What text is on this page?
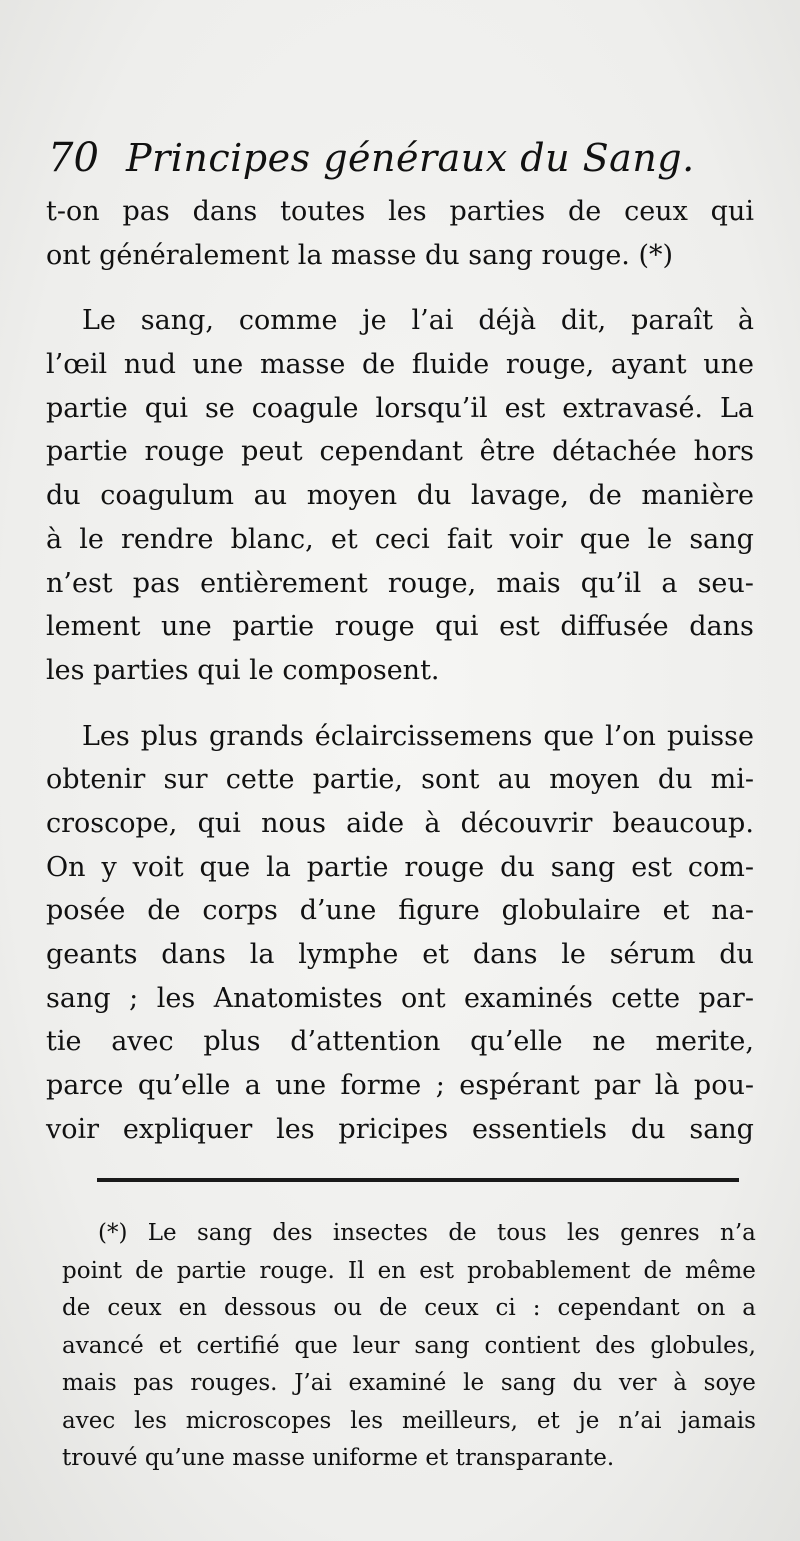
70 Principes généraux du Sang.
t-on pas dans toutes les parties de ceux qui
ont généralement la masse du sang rouge. (*)
Le sang, comme je l’ai déjà dit, paraît à
l’œil nud une masse de fluide rouge, ayant une
partie qui se coagule lorsqu’il est extravasé. La
partie rouge peut cependant être détachée hors
du coagulum au moyen du lavage, de manière
à le rendre blanc, et ceci fait voir que le sang
n’est pas entièrement rouge, mais qu’il a seu-
lement une partie rouge qui est diffusée dans
les parties qui le composent.
Les plus grands éclaircissemens que l’on puisse
obtenir sur cette partie, sont au moyen du mi-
croscope, qui nous aide à découvrir beaucoup.
On y voit que la partie rouge du sang est com-
posée de corps d’une figure globulaire et na-
geants dans la lymphe et dans le sérum du
sang ; les Anatomistes ont examinés cette par-
tie avec plus d’attention qu’elle ne merite,
parce qu’elle a une forme ; espérant par là pou-
voir expliquer les pricipes essentiels du sang
(*) Le sang des insectes de tous les genres n’a
point de partie rouge. Il en est probablement de même
de ceux en dessous ou de ceux ci : cependant on a
avancé et certifié que leur sang contient des globules,
mais pas rouges. J’ai examiné le sang du ver à soye
avec les microscopes les meilleurs, et je n’ai jamais
trouvé qu’une masse uniforme et transparante.
